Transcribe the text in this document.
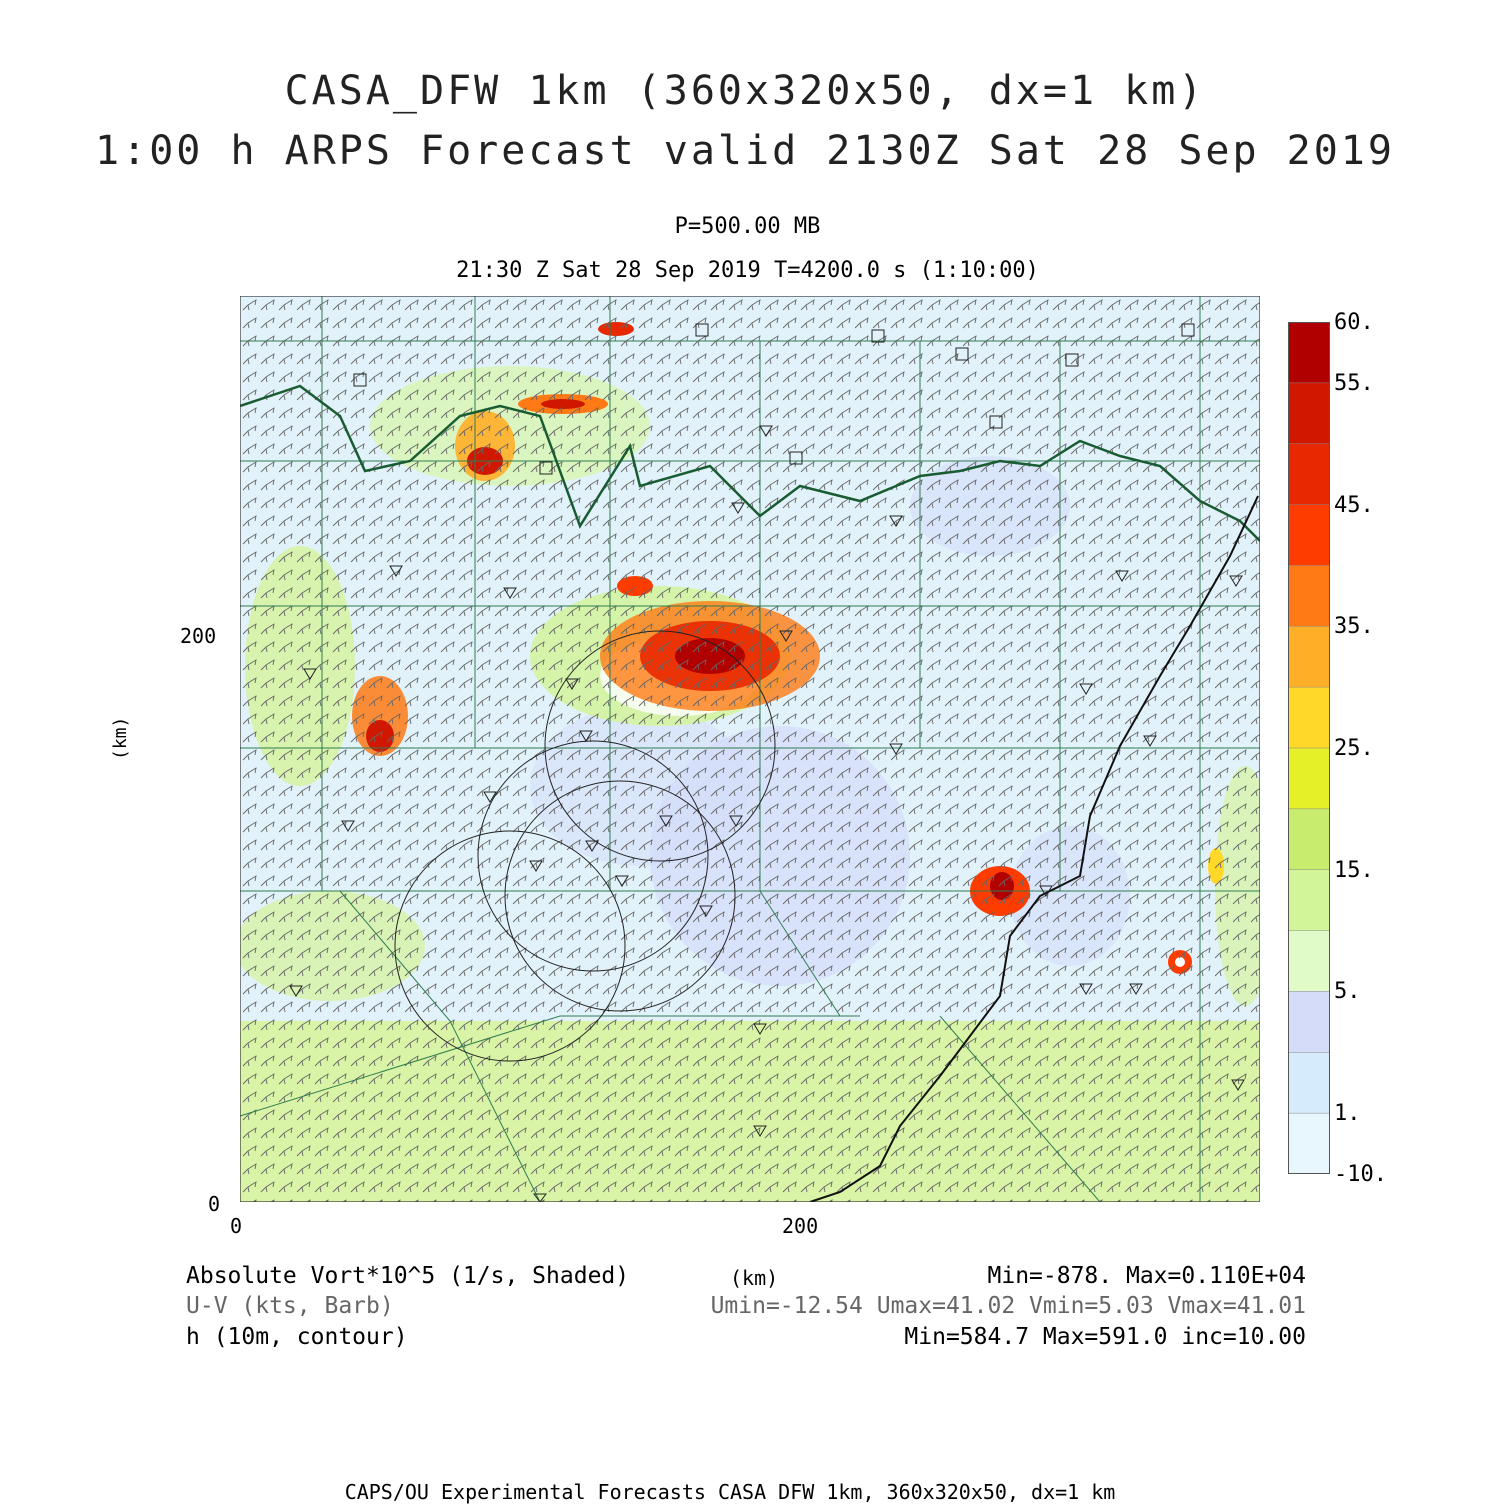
CASA_DFW 1km (360x320x50, dx=1 km)
1:00 h ARPS Forecast valid 2130Z Sat 28 Sep 2019
P=500.00 MB
21:30 Z Sat 28 Sep 2019 T=4200.0 s (1:10:00)
200
0
0	200
(km)
60.
55.
45.
35.
25.
15.
5.
1.
-10.
Absolute Vort*10^5 (1/s, Shaded)	(km)	Min=-878. Max=0.110E+04
U-V (kts, Barb)	Umin=-12.54 Umax=41.02 Vmin=5.03 Vmax=41.01
h (10m, contour)	Min=584.7 Max=591.0 inc=10.00
CAPS/OU Experimental Forecasts CASA DFW 1km, 360x320x50, dx=1 km
